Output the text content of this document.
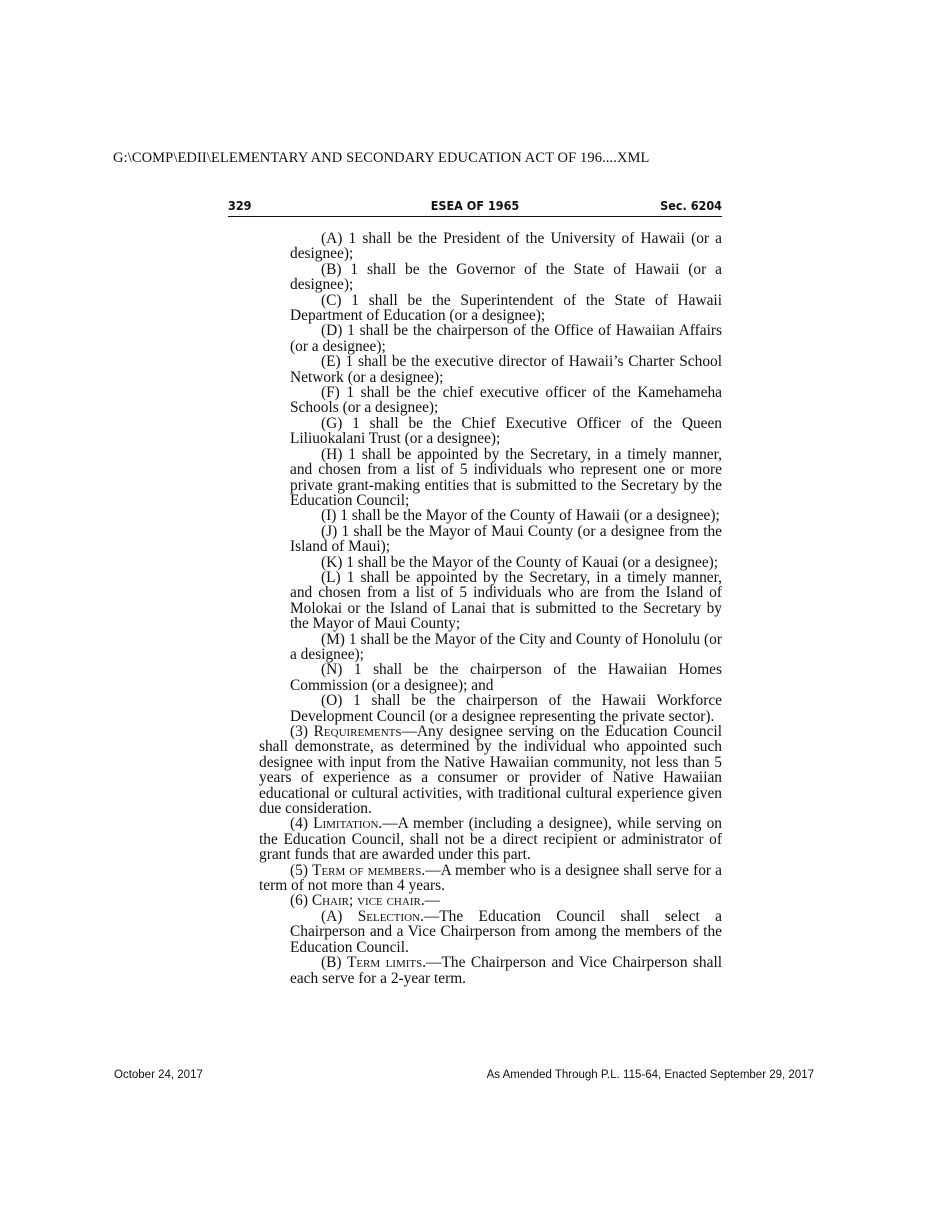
G:\COMP\EDII\ELEMENTARY AND SECONDARY EDUCATION ACT OF 196....XML
329	ESEA OF 1965	Sec. 6204

(A) 1 shall be the President of the University of Hawaii (or a designee);

(B) 1 shall be the Governor of the State of Hawaii (or a designee);

(C) 1 shall be the Superintendent of the State of Hawaii Department of Education (or a designee);

(D) 1 shall be the chairperson of the Office of Hawaiian Affairs (or a designee);

(E) 1 shall be the executive director of Hawaii’s Charter School Network (or a designee);

(F) 1 shall be the chief executive officer of the Kamehameha Schools (or a designee);

(G) 1 shall be the Chief Executive Officer of the Queen Liliuokalani Trust (or a designee);

(H) 1 shall be appointed by the Secretary, in a timely manner, and chosen from a list of 5 individuals who represent one or more private grant-making entities that is submitted to the Secretary by the Education Council;

(I) 1 shall be the Mayor of the County of Hawaii (or a designee);

(J) 1 shall be the Mayor of Maui County (or a designee from the Island of Maui);

(K) 1 shall be the Mayor of the County of Kauai (or a designee);

(L) 1 shall be appointed by the Secretary, in a timely manner, and chosen from a list of 5 individuals who are from the Island of Molokai or the Island of Lanai that is submitted to the Secretary by the Mayor of Maui County;

(M) 1 shall be the Mayor of the City and County of Honolulu (or a designee);

(N) 1 shall be the chairperson of the Hawaiian Homes Commission (or a designee); and

(O) 1 shall be the chairperson of the Hawaii Workforce Development Council (or a designee representing the private sector).

(3) Requirements—Any designee serving on the Education Council shall demonstrate, as determined by the individual who appointed such designee with input from the Native Hawaiian community, not less than 5 years of experience as a consumer or provider of Native Hawaiian educational or cultural activities, with traditional cultural experience given due consideration.

(4) Limitation.—A member (including a designee), while serving on the Education Council, shall not be a direct recipient or administrator of grant funds that are awarded under this part.

(5) Term of members.—A member who is a designee shall serve for a term of not more than 4 years.

(6) Chair; vice chair.—

(A) Selection.—The Education Council shall select a Chairperson and a Vice Chairperson from among the members of the Education Council.

(B) Term limits.—The Chairperson and Vice Chairperson shall each serve for a 2-year term.

October 24, 2017	As Amended Through P.L. 115-64, Enacted September 29, 2017
